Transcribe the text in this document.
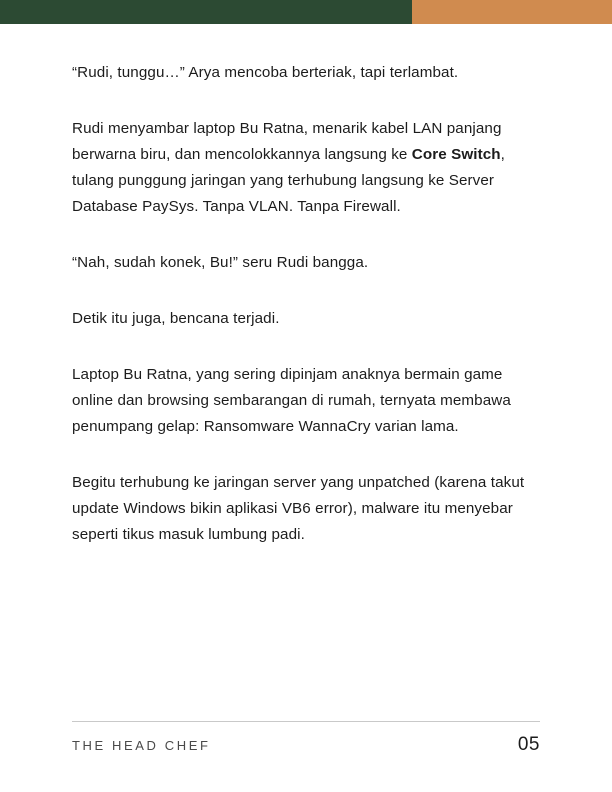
“Rudi, tunggu…” Arya mencoba berteriak, tapi terlambat.

Rudi menyambar laptop Bu Ratna, menarik kabel LAN panjang berwarna biru, dan mencolokkannya langsung ke Core Switch, tulang punggung jaringan yang terhubung langsung ke Server Database PaySys. Tanpa VLAN. Tanpa Firewall.

“Nah, sudah konek, Bu!” seru Rudi bangga.

Detik itu juga, bencana terjadi.

Laptop Bu Ratna, yang sering dipinjam anaknya bermain game online dan browsing sembarangan di rumah, ternyata membawa penumpang gelap: Ransomware WannaCry varian lama.

Begitu terhubung ke jaringan server yang unpatched (karena takut update Windows bikin aplikasi VB6 error), malware itu menyebar seperti tikus masuk lumbung padi.

THE HEAD CHEF	05
